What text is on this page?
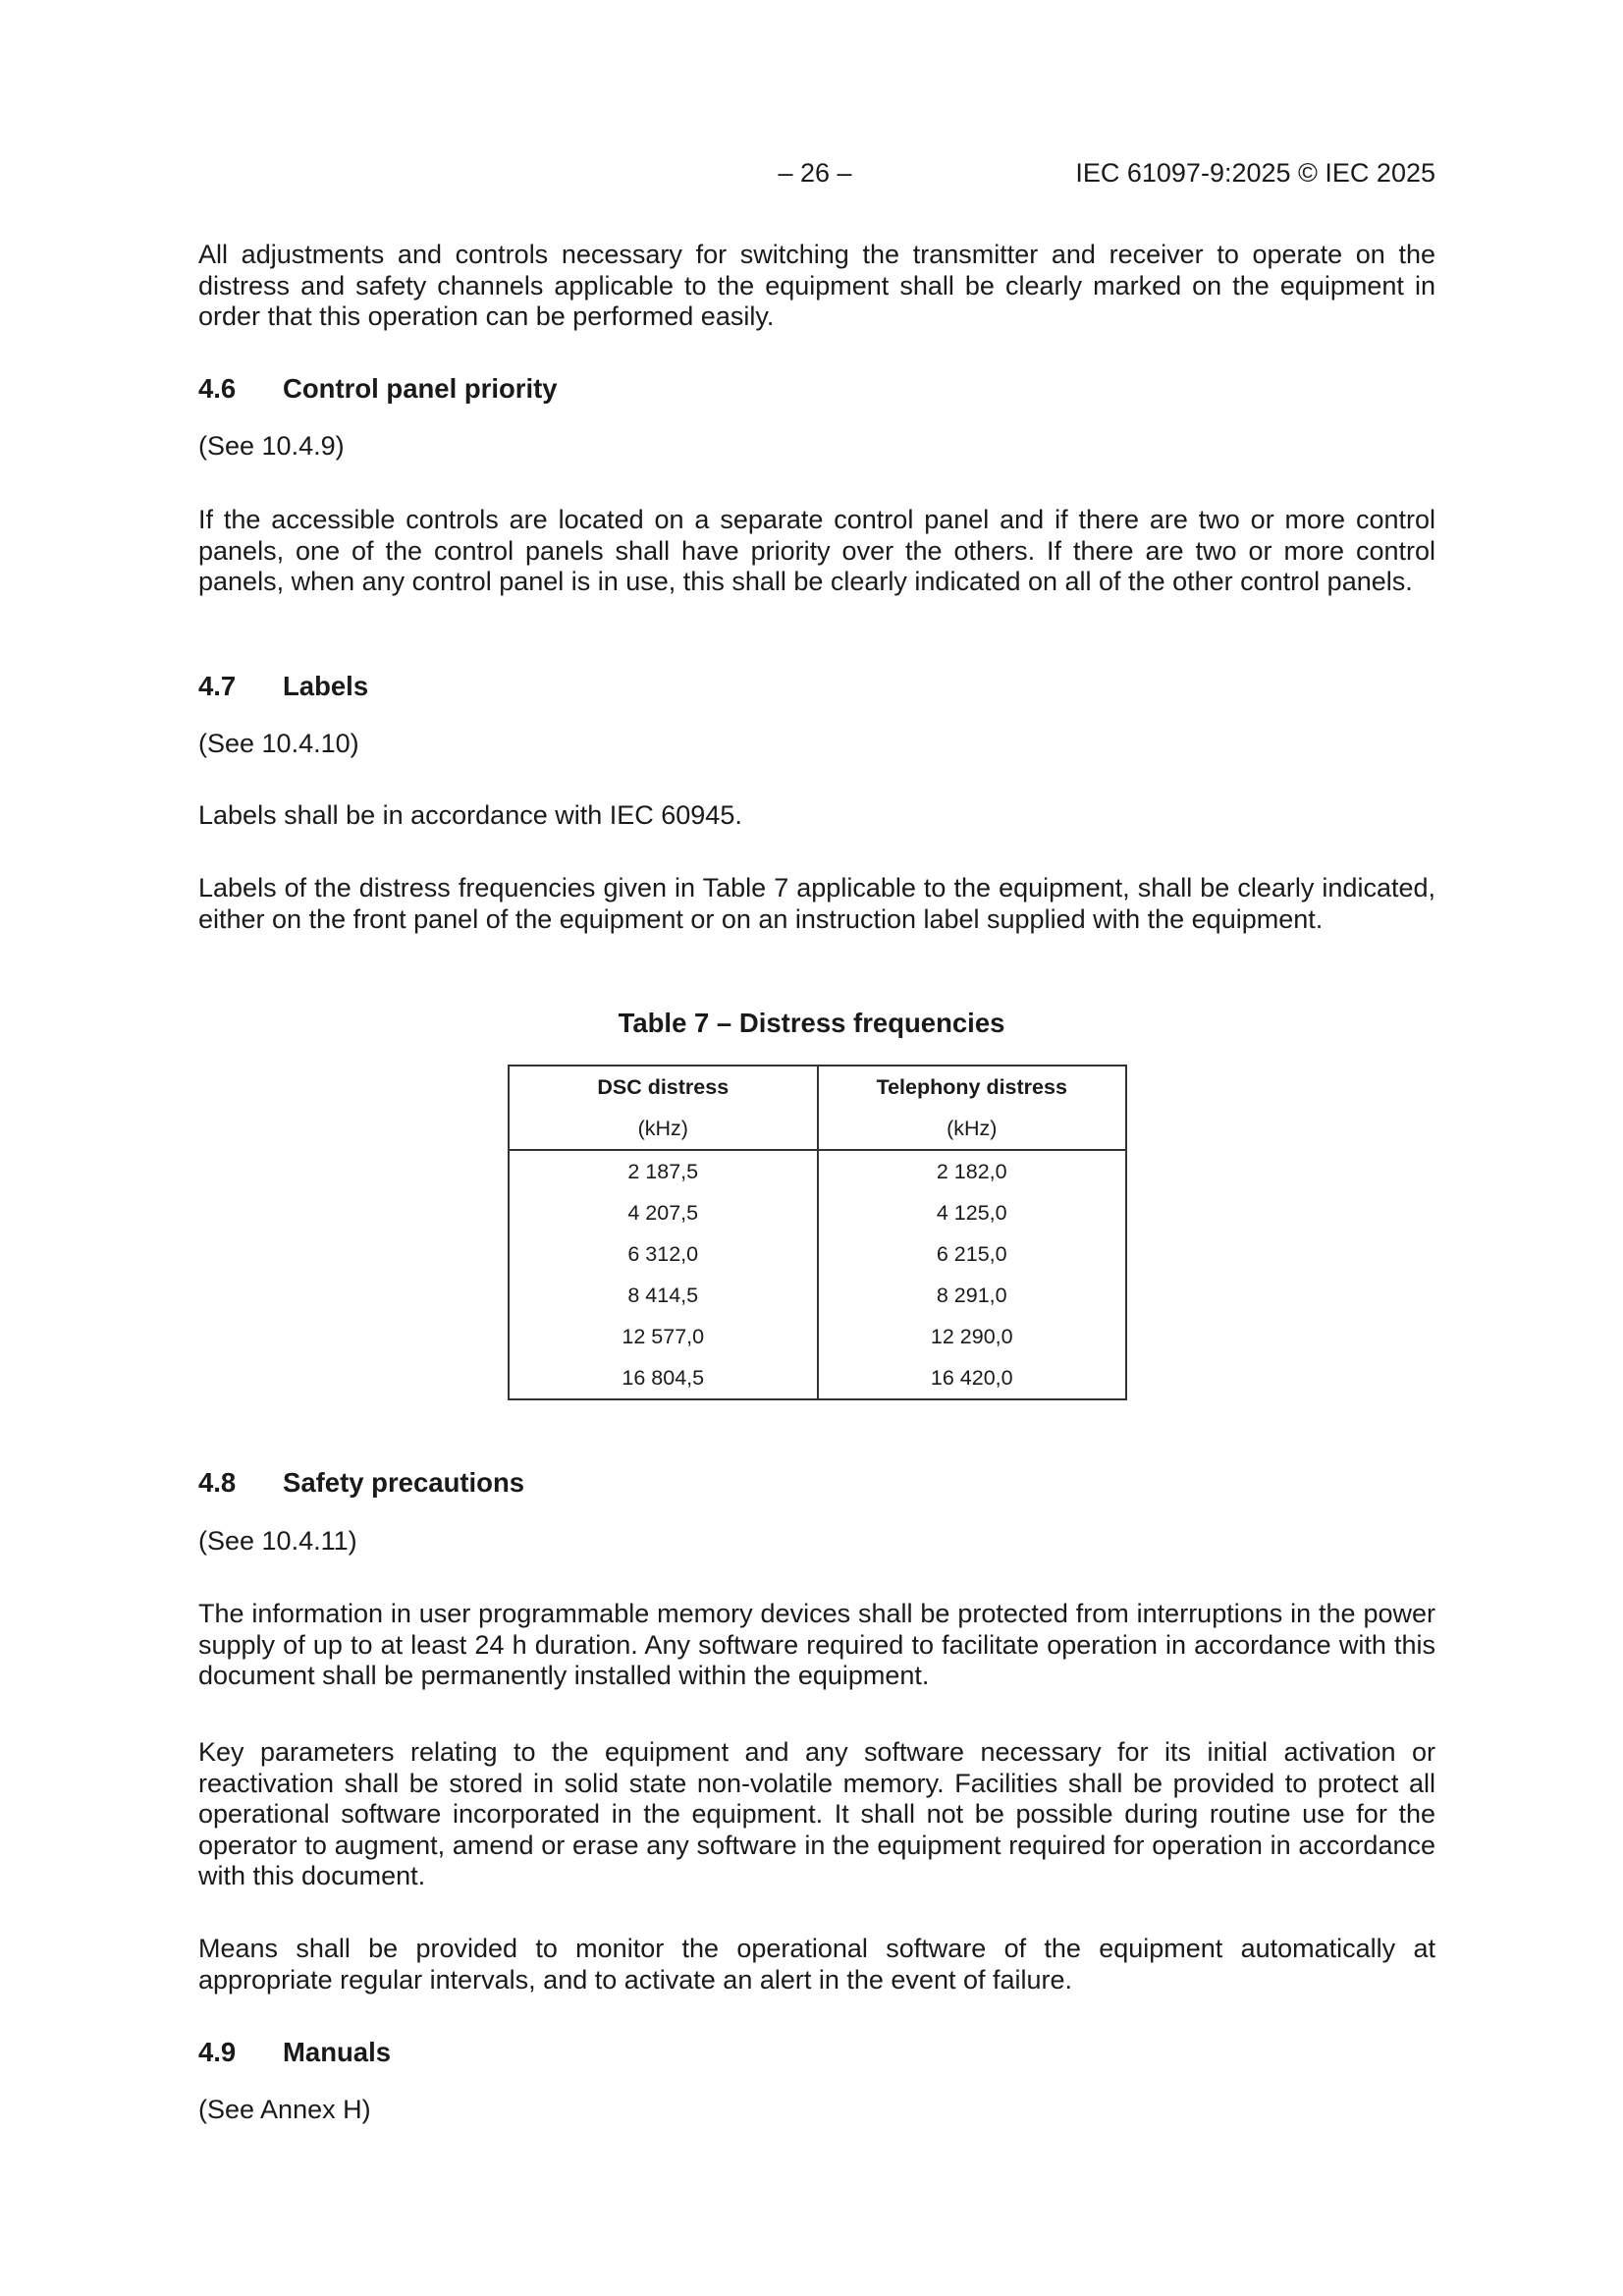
– 26 –	IEC 61097-9:2025 © IEC 2025

All adjustments and controls necessary for switching the transmitter and receiver to operate on the distress and safety channels applicable to the equipment shall be clearly marked on the equipment in order that this operation can be performed easily.

4.6 Control panel priority

(See 10.4.9)

If the accessible controls are located on a separate control panel and if there are two or more control panels, one of the control panels shall have priority over the others. If there are two or more control panels, when any control panel is in use, this shall be clearly indicated on all of the other control panels.

4.7 Labels

(See 10.4.10)

Labels shall be in accordance with IEC 60945.

Labels of the distress frequencies given in Table 7 applicable to the equipment, shall be clearly indicated, either on the front panel of the equipment or on an instruction label supplied with the equipment.

Table 7 – Distress frequencies
DSC distress	Telephony distress
(kHz)	(kHz)
2 187,5	2 182,0
4 207,5	4 125,0
6 312,0	6 215,0
8 414,5	8 291,0
12 577,0	12 290,0
16 804,5	16 420,0
4.8 Safety precautions

(See 10.4.11)

The information in user programmable memory devices shall be protected from interruptions in the power supply of up to at least 24 h duration. Any software required to facilitate operation in accordance with this document shall be permanently installed within the equipment.

Key parameters relating to the equipment and any software necessary for its initial activation or reactivation shall be stored in solid state non-volatile memory. Facilities shall be provided to protect all operational software incorporated in the equipment. It shall not be possible during routine use for the operator to augment, amend or erase any software in the equipment required for operation in accordance with this document.

Means shall be provided to monitor the operational software of the equipment automatically at appropriate regular intervals, and to activate an alert in the event of failure.

4.9 Manuals

(See Annex H)
